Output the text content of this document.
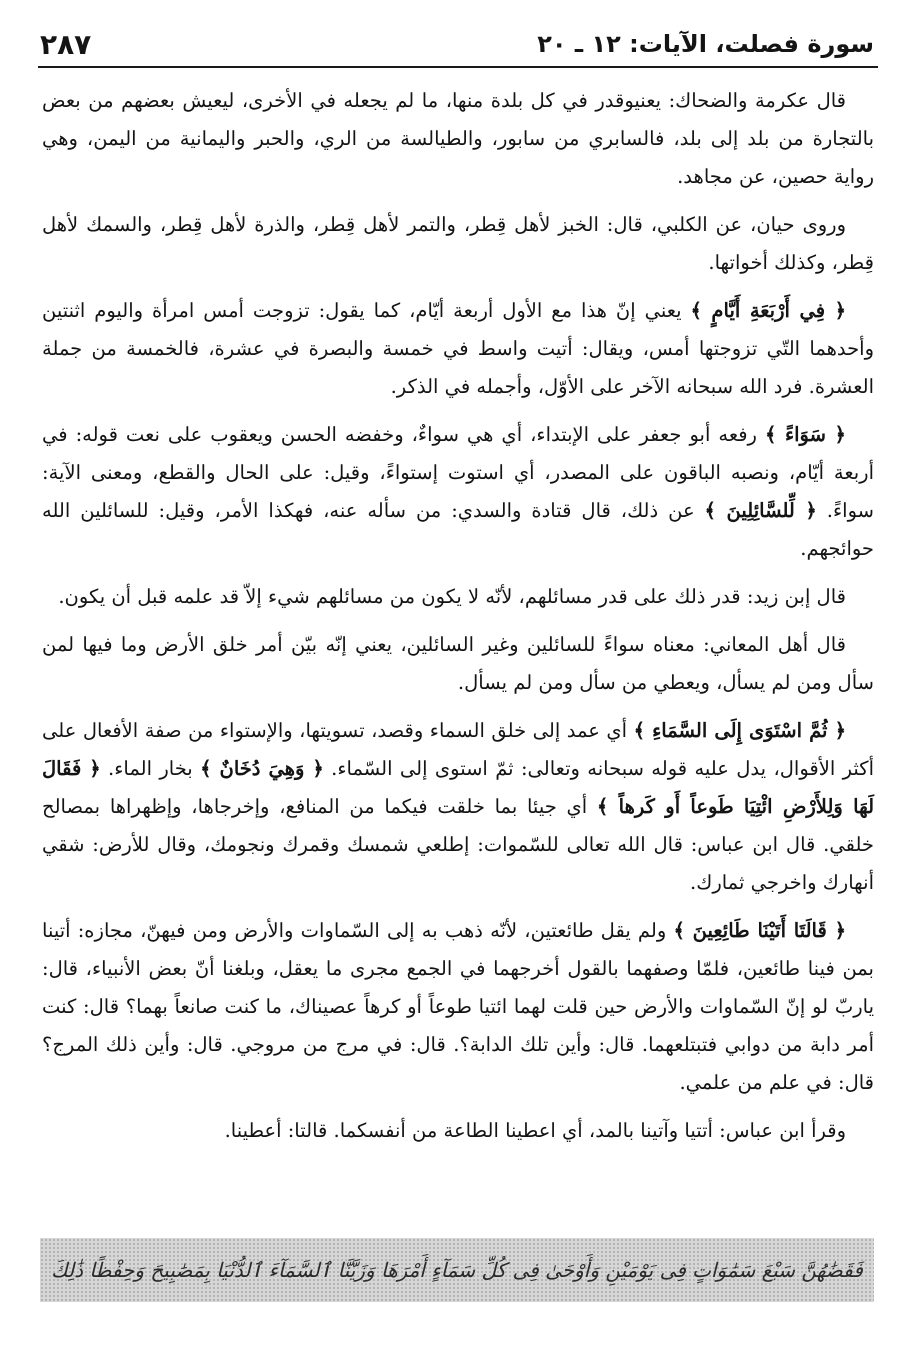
سورة فصلت، الآيات: ١٢ ـ ٢٠
٢٨٧

قال عكرمة والضحاك: يعنيوقدر في كل بلدة منها، ما لم يجعله في الأخرى، ليعيش بعضهم من بعض بالتجارة من بلد إلى بلد، فالسابري من سابور، والطيالسة من الري، والحبر واليمانية من اليمن، وهي رواية حصين، عن مجاهد.

وروى حيان، عن الكلبي، قال: الخبز لأهل قِطر، والتمر لأهل قِطر، والذرة لأهل قِطر، والسمك لأهل قِطر، وكذلك أخواتها.

﴿ فِي أَرْبَعَةِ أَيَّامٍ ﴾ يعني إنّ هذا مع الأول أربعة أيّام، كما يقول: تزوجت أمس امرأة واليوم اثنتين وأحدهما التّي تزوجتها أمس، ويقال: أتيت واسط في خمسة والبصرة في عشرة، فالخمسة من جملة العشرة. فرد الله سبحانه الآخر على الأوّل، وأجمله في الذكر.

﴿ سَوَاءً ﴾ رفعه أبو جعفر على الإبتداء، أي هي سواءٌ، وخفضه الحسن ويعقوب على نعت قوله: في أربعة أيّام، ونصبه الباقون على المصدر، أي استوت إستواءً، وقيل: على الحال والقطع، ومعنى الآية: سواءً. ﴿ لِّلسَّائِلِينَ ﴾ عن ذلك، قال قتادة والسدي: من سأله عنه، فهكذا الأمر، وقيل: للسائلين الله حوائجهم.

قال إبن زيد: قدر ذلك على قدر مسائلهم، لأنّه لا يكون من مسائلهم شيء إلاّ قد علمه قبل أن يكون.

قال أهل المعاني: معناه سواءً للسائلين وغير السائلين، يعني إنّه بيّن أمر خلق الأرض وما فيها لمن سأل ومن لم يسأل، ويعطي من سأل ومن لم يسأل.

﴿ ثُمَّ اسْتَوَى إِلَى السَّمَاءِ ﴾ أي عمد إلى خلق السماء وقصد، تسويتها، والإستواء من صفة الأفعال على أكثر الأقوال، يدل عليه قوله سبحانه وتعالى: ثمّ استوى إلى السّماء. ﴿ وَهِيَ دُخَانٌ ﴾ بخار الماء. ﴿ فَقَالَ لَهَا وَلِلأَرْضِ ائْتِيَا طَوعاً أَو كَرهاً ﴾ أي جيئا بما خلقت فيكما من المنافع، وإخرجاها، وإظهراها بمصالح خلقي. قال ابن عباس: قال الله تعالى للسّموات: إطلعي شمسك وقمرك ونجومك، وقال للأرض: شقي أنهارك واخرجي ثمارك.

﴿ قَالَتَا أَتَيْنَا طَائِعِينَ ﴾ ولم يقل طائعتين، لأنّه ذهب به إلى السّماوات والأرض ومن فيهنّ، مجازه: أتينا بمن فينا طائعين، فلمّا وصفهما بالقول أخرجهما في الجمع مجرى ما يعقل، وبلغنا أنّ بعض الأنبياء، قال: ياربّ لو إنّ السّماوات والأرض حين قلت لهما ائتيا طوعاً أو كرهاً عصيناك، ما كنت صانعاً بهما؟ قال: كنت أمر دابة من دوابي فتبتلعهما. قال: وأين تلك الدابة؟. قال: في مرج من مروجي. قال: وأين ذلك المرج؟ قال: في علم من علمي.

وقرأ ابن عباس: أتتيا وآتينا بالمد، أي اعطينا الطاعة من أنفسكما. قالتا: أعطينا.

فَقَضَٰهُنَّ سَبْعَ سَمَٰوَاتٍ فِى يَوْمَيْنِ وَأَوْحَىٰ فِى كُلِّ سَمَآءٍ أَمْرَهَا وَزَيَّنَّا ٱلسَّمَآءَ ٱلدُّنْيَا بِمَصَٰبِيحَ وَحِفْظًا ذَٰلِكَ
